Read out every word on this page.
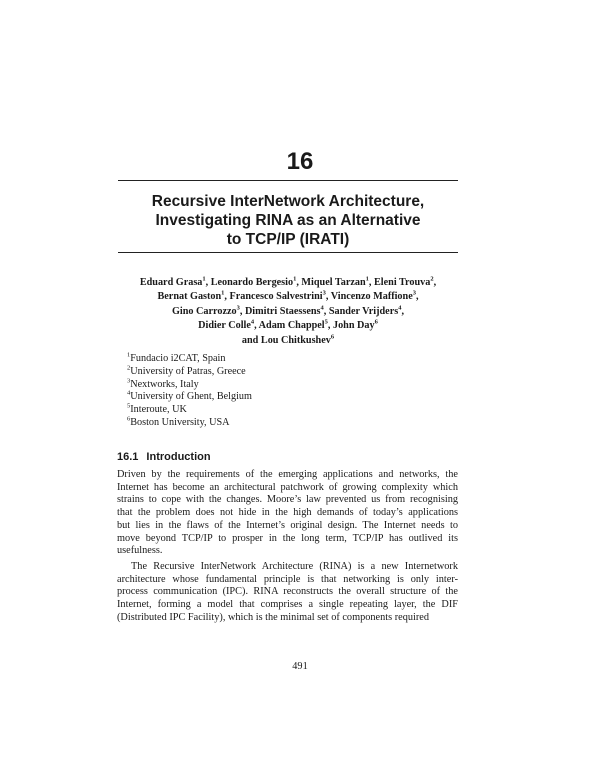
16
Recursive InterNetwork Architecture,
Investigating RINA as an Alternative
to TCP/IP (IRATI)
Eduard Grasa$^1$, Leonardo Bergesio$^1$, Miquel Tarzan$^1$, Eleni Trouva$^2$,
Bernat Gaston$^1$, Francesco Salvestrini$^3$, Vincenzo Maffione$^3$,
Gino Carrozzo$^3$, Dimitri Staessens$^4$, Sander Vrijders$^4$,
Didier Colle$^4$, Adam Chappel$^5$, John Day$^6$
and Lou Chitkushev$^6$
$^1$Fundacio i2CAT, Spain
$^2$University of Patras, Greece
$^3$Nextworks, Italy
$^4$University of Ghent, Belgium
$^5$Interoute, UK
$^6$Boston University, USA
16.1 Introduction
Driven by the requirements of the emerging applications and networks, the
Internet has become an architectural patchwork of growing complexity which
strains to cope with the changes. Moore’s law prevented us from recognising
that the problem does not hide in the high demands of today’s applications
but lies in the flaws of the Internet’s original design. The Internet needs to
move beyond TCP/IP to prosper in the long term, TCP/IP has outlived its
usefulness.
The Recursive InterNetwork Architecture (RINA) is a new Internetwork
architecture whose fundamental principle is that networking is only inter-
process communication (IPC). RINA reconstructs the overall structure of the
Internet, forming a model that comprises a single repeating layer, the DIF
(Distributed IPC Facility), which is the minimal set of components required
491
